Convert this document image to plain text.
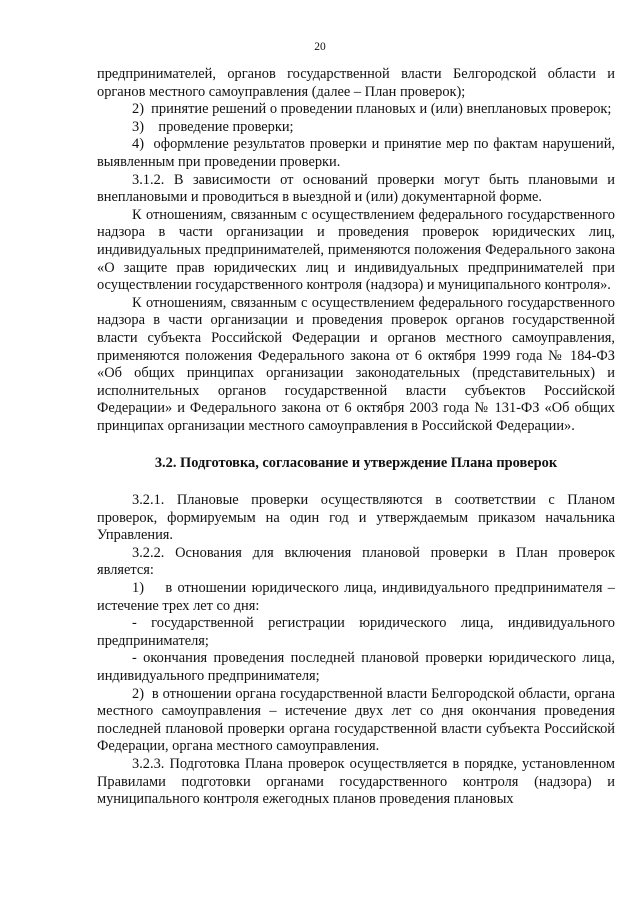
20

предпринимателей, органов государственной власти Белгородской области и органов местного самоуправления (далее – План проверок);

2)  принятие решений о проведении плановых и (или) внеплановых проверок;

3)    проведение проверки;

4)  оформление результатов проверки и принятие мер по фактам нарушений, выявленным при проведении проверки.

3.1.2. В зависимости от оснований проверки могут быть плановыми и внеплановыми и проводиться в выездной и (или) документарной форме.

К отношениям, связанным с осуществлением федерального государственного надзора в части организации и проведения проверок юридических лиц, индивидуальных предпринимателей, применяются положения Федерального закона «О защите прав юридических лиц и индивидуальных предпринимателей при осуществлении государственного контроля (надзора) и муниципального контроля».

К отношениям, связанным с осуществлением федерального государственного надзора в части организации и проведения проверок органов государственной власти субъекта Российской Федерации и органов местного самоуправления, применяются положения Федерального закона от 6 октября 1999 года № 184-ФЗ «Об общих принципах организации законодательных (представительных) и исполнительных органов государственной власти субъектов Российской Федерации» и Федерального закона от 6 октября 2003 года № 131-ФЗ «Об общих принципах организации местного самоуправления в Российской Федерации».

3.2. Подготовка, согласование и утверждение Плана проверок

3.2.1. Плановые проверки осуществляются в соответствии с Планом проверок, формируемым на один год и утверждаемым приказом начальника Управления.

3.2.2. Основания для включения плановой проверки в План проверок является:

1)    в отношении юридического лица, индивидуального предпринимателя – истечение трех лет со дня:

- государственной регистрации юридического лица, индивидуального предпринимателя;

- окончания проведения последней плановой проверки юридического лица, индивидуального предпринимателя;

2)  в отношении органа государственной власти Белгородской области, органа местного самоуправления – истечение двух лет со дня окончания проведения последней плановой проверки органа государственной власти субъекта Российской Федерации, органа местного самоуправления.

3.2.3. Подготовка Плана проверок осуществляется в порядке, установленном Правилами подготовки органами государственного контроля (надзора) и муниципального контроля ежегодных планов проведения плановых
